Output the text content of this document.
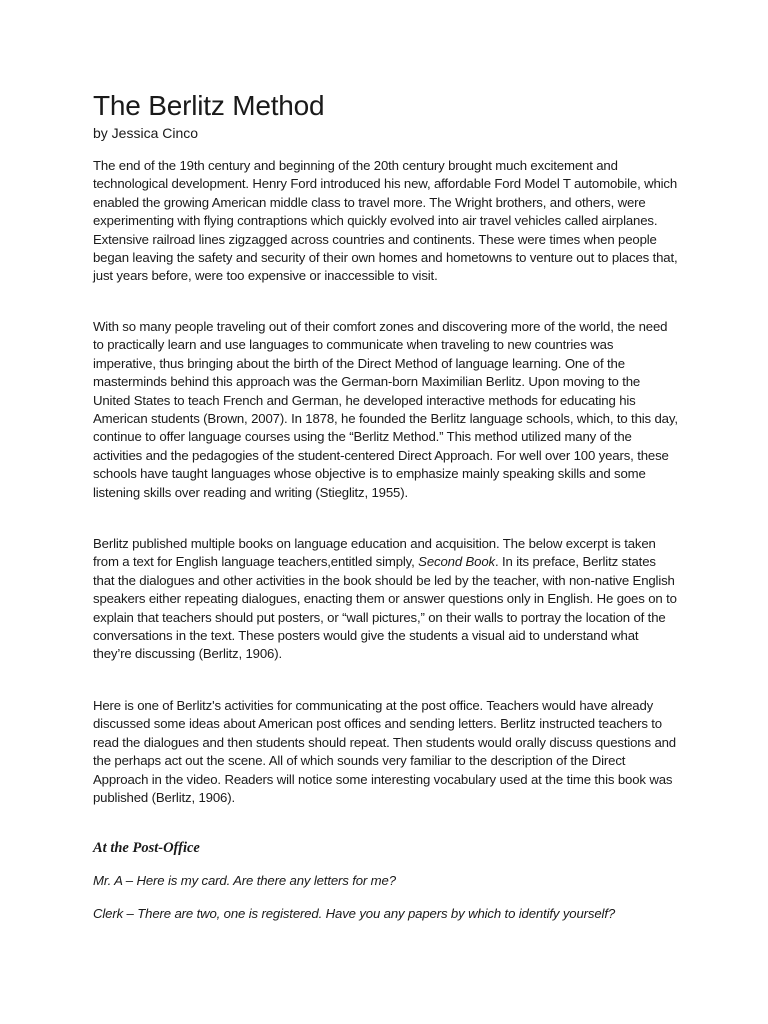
The Berlitz Method

by Jessica Cinco

The end of the 19th century and beginning of the 20th century brought much excitement and technological development. Henry Ford introduced his new, affordable Ford Model T automobile, which enabled the growing American middle class to travel more. The Wright brothers, and others, were experimenting with flying contraptions which quickly evolved into air travel vehicles called airplanes. Extensive railroad lines zigzagged across countries and continents. These were times when people began leaving the safety and security of their own homes and hometowns to venture out to places that, just years before, were too expensive or inaccessible to visit.

With so many people traveling out of their comfort zones and discovering more of the world, the need to practically learn and use languages to communicate when traveling to new countries was imperative, thus bringing about the birth of the Direct Method of language learning. One of the masterminds behind this approach was the German-born Maximilian Berlitz. Upon moving to the United States to teach French and German, he developed interactive methods for educating his American students (Brown, 2007). In 1878, he founded the Berlitz language schools, which, to this day, continue to offer language courses using the “Berlitz Method.” This method utilized many of the activities and the pedagogies of the student-centered Direct Approach. For well over 100 years, these schools have taught languages whose objective is to emphasize mainly speaking skills and some listening skills over reading and writing (Stieglitz, 1955).

Berlitz published multiple books on language education and acquisition. The below excerpt is taken from a text for English language teachers,entitled simply, Second Book. In its preface, Berlitz states that the dialogues and other activities in the book should be led by the teacher, with non-native English speakers either repeating dialogues, enacting them or answer questions only in English. He goes on to explain that teachers should put posters, or “wall pictures,” on their walls to portray the location of the conversations in the text. These posters would give the students a visual aid to understand what they’re discussing (Berlitz, 1906).

Here is one of Berlitz's activities for communicating at the post office. Teachers would have already discussed some ideas about American post offices and sending letters. Berlitz instructed teachers to read the dialogues and then students should repeat. Then students would orally discuss questions and the perhaps act out the scene. All of which sounds very familiar to the description of the Direct Approach in the video. Readers will notice some interesting vocabulary used at the time this book was published (Berlitz, 1906).

At the Post-Office

Mr. A – Here is my card. Are there any letters for me?

Clerk – There are two, one is registered. Have you any papers by which to identify yourself?
